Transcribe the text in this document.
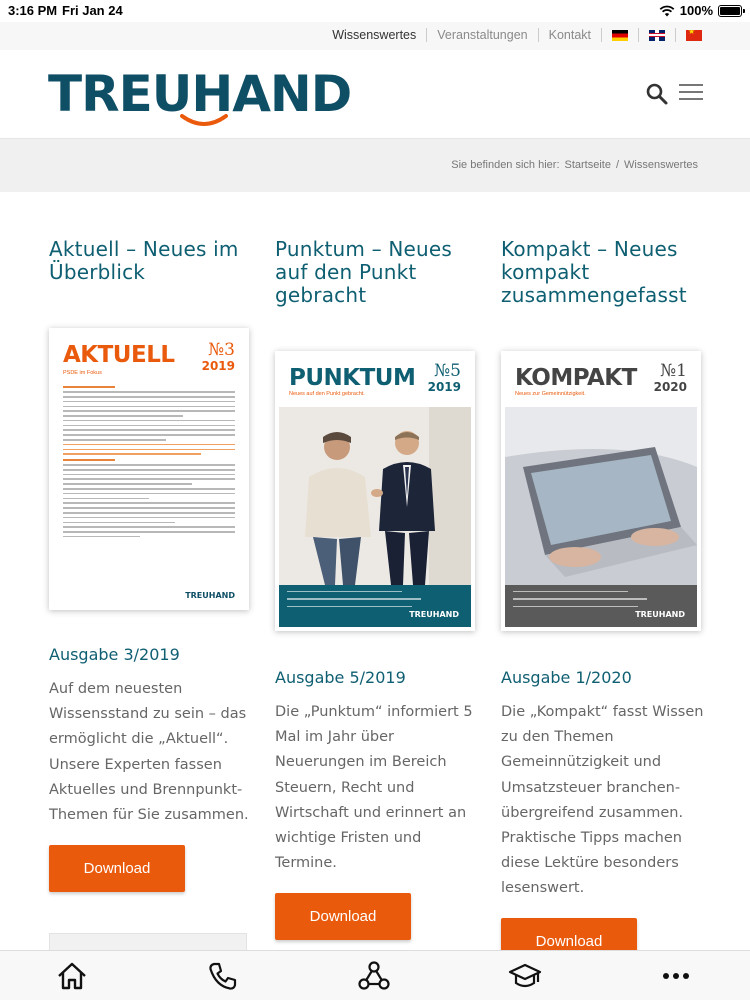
3:16 PM Fri Jan 24	100%
Wissenswertes Veranstaltungen Kontakt
★
TREUHAND
Sie befinden sich hier: Startseite / Wissenswertes
Aktuell – Neues im Überblick
AKTUELL	№3
2019
PSDE im Fokus
TREUHAND
Ausgabe 3/2019
Auf dem neuesten Wissensstand zu sein – das ermöglicht die „Aktuell“. Unsere Experten fassen Aktuelles und Brennpunkt-Themen für Sie zusammen.
Download
Punktum – Neues auf den Punkt gebracht
PUNKTUM	№5
2019
Neues auf den Punkt gebracht.
TREUHAND
Ausgabe 5/2019
Die „Punktum“ informiert 5 Mal im Jahr über Neuerungen im Bereich Steuern, Recht und Wirtschaft und erinnert an wichtige Fristen und Termine.
Download
Kompakt – Neues kompakt zusammengefasst
KOMPAKT	№1
2020
Neues zur Gemeinnützigkeit.
TREUHAND
Ausgabe 1/2020
Die „Kompakt“ fasst Wissen zu den Themen Gemeinnützigkeit und Umsatzsteuer branchen-übergreifend zusammen. Praktische Tipps machen diese Lektüre besonders lesenswert.
Download
